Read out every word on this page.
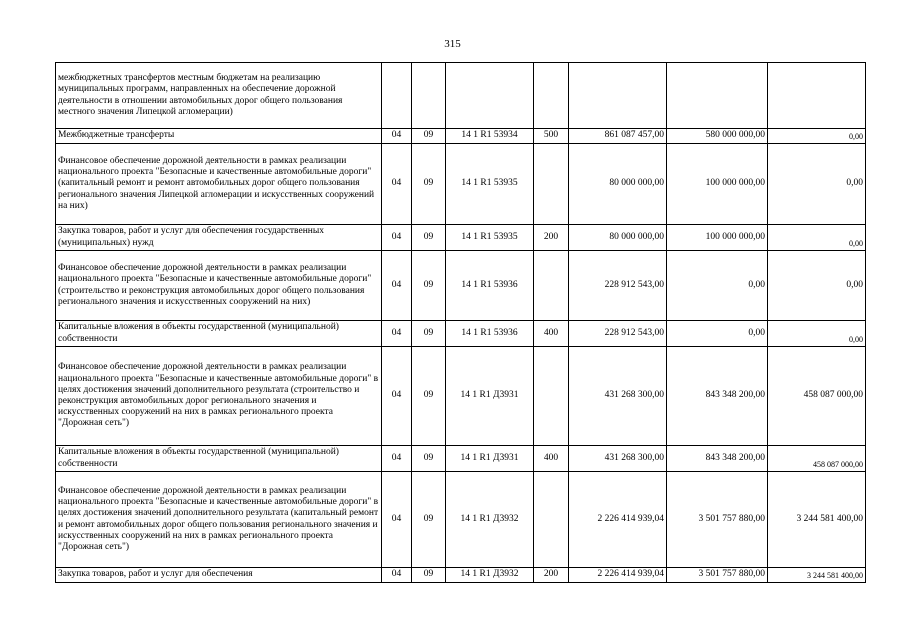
315
межбюджетных трансфертов местным бюджетам на реализацию муниципальных программ, направленных на обеспечение дорожной деятельности в отношении автомобильных дорог общего пользования местного значения Липецкой агломерации)							
Межбюджетные трансферты	04	09	14 1 R1 53934	500	861 087 457,00	580 000 000,00	0,00
Финансовое обеспечение дорожной деятельности в рамках реализации национального проекта "Безопасные и качественные автомобильные дороги" (капитальный ремонт и ремонт автомобильных дорог общего пользования регионального значения Липецкой агломерации и искусственных сооружений на них)	04	09	14 1 R1 53935		80 000 000,00	100 000 000,00	0,00
Закупка товаров, работ и услуг для обеспечения государственных (муниципальных) нужд	04	09	14 1 R1 53935	200	80 000 000,00	100 000 000,00	0,00
Финансовое обеспечение дорожной деятельности в рамках реализации национального проекта "Безопасные и качественные автомобильные дороги" (строительство и реконструкция автомобильных дорог общего пользования регионального значения и искусственных сооружений на них)	04	09	14 1 R1 53936		228 912 543,00	0,00	0,00
Капитальные вложения в объекты государственной (муниципальной) собственности	04	09	14 1 R1 53936	400	228 912 543,00	0,00	0,00
Финансовое обеспечение дорожной деятельности в рамках реализации национального проекта "Безопасные и качественные автомобильные дороги" в целях достижения значений дополнительного результата (строительство и реконструкция автомобильных дорог регионального значения и искусственных сооружений на них в рамках регионального проекта "Дорожная сеть")	04	09	14 1 R1 Д3931		431 268 300,00	843 348 200,00	458 087 000,00
Капитальные вложения в объекты государственной (муниципальной) собственности	04	09	14 1 R1 Д3931	400	431 268 300,00	843 348 200,00	458 087 000,00
Финансовое обеспечение дорожной деятельности в рамках реализации национального проекта "Безопасные и качественные автомобильные дороги" в целях достижения значений дополнительного результата (капитальный ремонт и ремонт автомобильных дорог общего пользования регионального значения и искусственных сооружений на них в рамках регионального проекта "Дорожная сеть")	04	09	14 1 R1 Д3932		2 226 414 939,04	3 501 757 880,00	3 244 581 400,00
Закупка товаров, работ и услуг для обеспечения	04	09	14 1 R1 Д3932	200	2 226 414 939,04	3 501 757 880,00	3 244 581 400,00
